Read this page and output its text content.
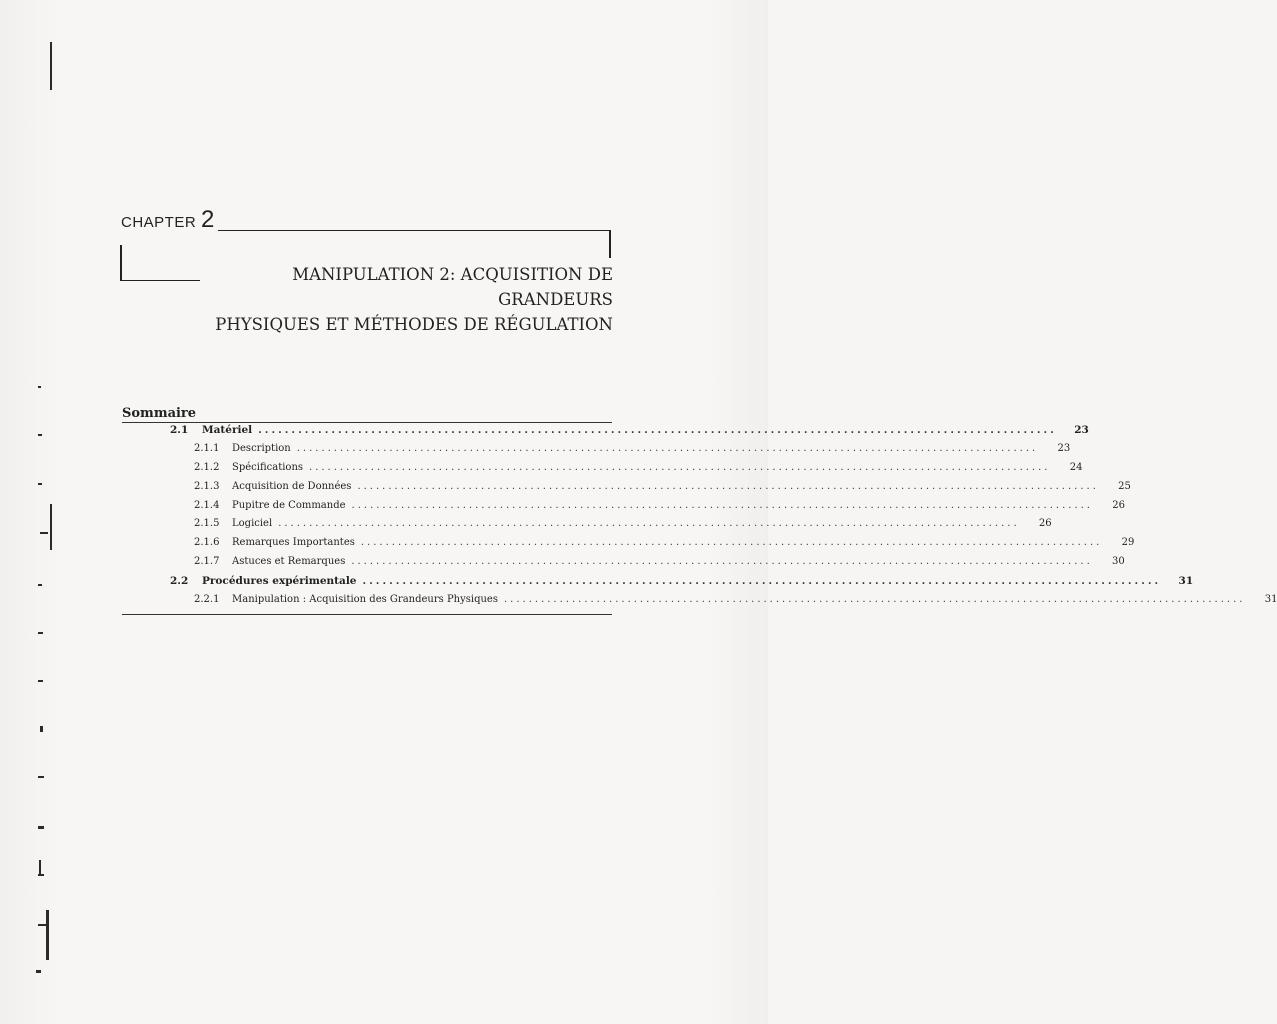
CHAPTER 2
MANIPULATION 2: ACQUISITION DE GRANDEURS
PHYSIQUES ET MÉTHODES DE RÉGULATION
Sommaire
2.1	Matériel ........................................................................................................................	23
2.1.1 Description ........................................................................................................................	23
2.1.2 Spécifications ........................................................................................................................	24
2.1.3 Acquisition de Données ........................................................................................................................	25
2.1.4 Pupitre de Commande ........................................................................................................................	26
2.1.5 Logiciel ........................................................................................................................	26
2.1.6 Remarques Importantes ........................................................................................................................	29
2.1.7 Astuces et Remarques ........................................................................................................................	30
2.2	Procédures expérimentale ........................................................................................................................	31
2.2.1 Manipulation : Acquisition des Grandeurs Physiques ........................................................................................................................	31
